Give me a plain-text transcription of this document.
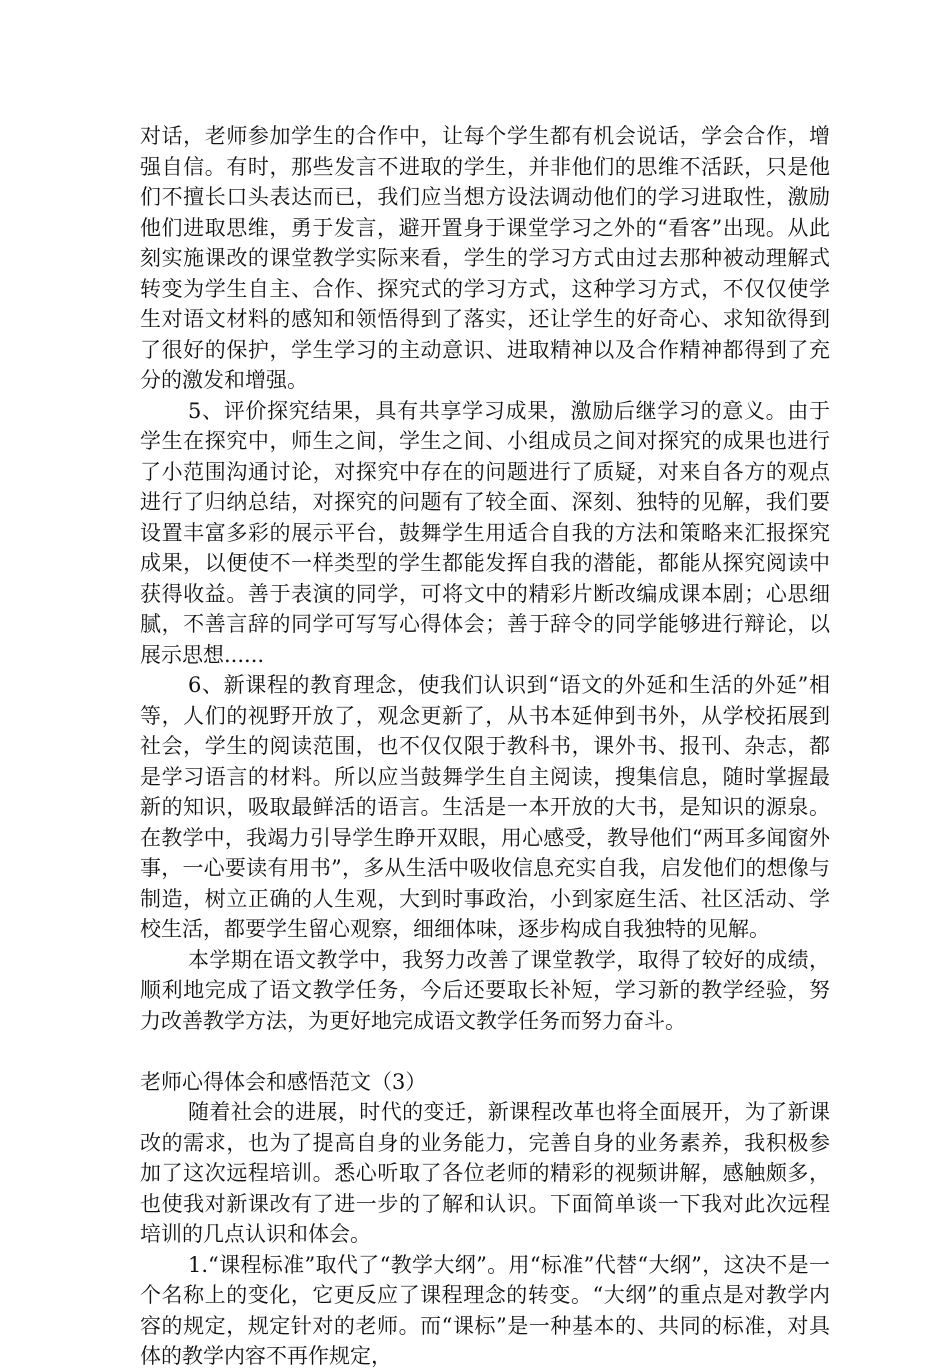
对话，老师参加学生的合作中，让每个学生都有机会说话，学会合作，增强自信。有时，那些发言不进取的学生，并非他们的思维不活跃，只是他们不擅长口头表达而已，我们应当想方设法调动他们的学习进取性，激励他们进取思维，勇于发言，避开置身于课堂学习之外的“看客”出现。从此刻实施课改的课堂教学实际来看，学生的学习方式由过去那种被动理解式转变为学生自主、合作、探究式的学习方式，这种学习方式，不仅仅使学生对语文材料的感知和领悟得到了落实，还让学生的好奇心、求知欲得到了很好的保护，学生学习的主动意识、进取精神以及合作精神都得到了充分的激发和增强。

5、评价探究结果，具有共享学习成果，激励后继学习的意义。由于学生在探究中，师生之间，学生之间、小组成员之间对探究的成果也进行了小范围沟通讨论，对探究中存在的问题进行了质疑，对来自各方的观点进行了归纳总结，对探究的问题有了较全面、深刻、独特的见解，我们要设置丰富多彩的展示平台，鼓舞学生用适合自我的方法和策略来汇报探究成果，以便使不一样类型的学生都能发挥自我的潜能，都能从探究阅读中获得收益。善于表演的同学，可将文中的精彩片断改编成课本剧；心思细腻，不善言辞的同学可写写心得体会；善于辞令的同学能够进行辩论，以展示思想......

6、新课程的教育理念，使我们认识到“语文的外延和生活的外延”相等，人们的视野开放了，观念更新了，从书本延伸到书外，从学校拓展到社会，学生的阅读范围，也不仅仅限于教科书，课外书、报刊、杂志，都是学习语言的材料。所以应当鼓舞学生自主阅读，搜集信息，随时掌握最新的知识，吸取最鲜活的语言。生活是一本开放的大书，是知识的源泉。在教学中，我竭力引导学生睁开双眼，用心感受，教导他们“两耳多闻窗外事，一心要读有用书”，多从生活中吸收信息充实自我，启发他们的想像与制造，树立正确的人生观，大到时事政治，小到家庭生活、社区活动、学校生活，都要学生留心观察，细细体味，逐步构成自我独特的见解。

本学期在语文教学中，我努力改善了课堂教学，取得了较好的成绩，顺利地完成了语文教学任务，今后还要取长补短，学习新的教学经验，努力改善教学方法，为更好地完成语文教学任务而努力奋斗。

老师心得体会和感悟范文（3）

随着社会的进展，时代的变迁，新课程改革也将全面展开，为了新课改的需求，也为了提高自身的业务能力，完善自身的业务素养，我积极参加了这次远程培训。悉心听取了各位老师的精彩的视频讲解，感触颇多，也使我对新课改有了进一步的了解和认识。下面简单谈一下我对此次远程培训的几点认识和体会。

1.“课程标准”取代了“教学大纲”。用“标准”代替“大纲”，这决不是一个名称上的变化，它更反应了课程理念的转变。“大纲”的重点是对教学内容的规定，规定针对的老师。而“课标”是一种基本的、共同的标准，对具体的教学内容不再作规定，
